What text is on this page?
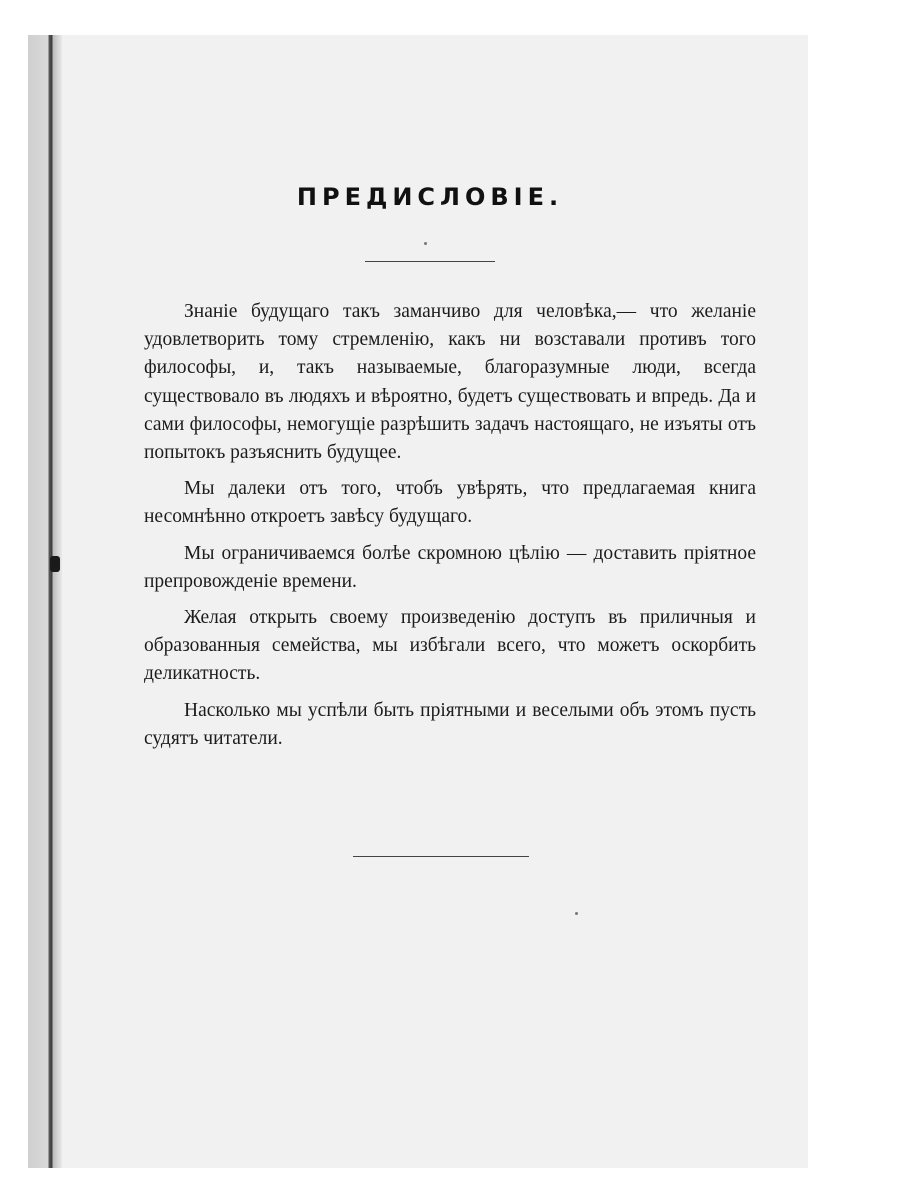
ПРЕДИСЛОВІЕ.

Знаніе будущаго такъ заманчиво для человѣка,— что желаніе удовлетворить тому стремленію, какъ ни возставали противъ того философы, и, такъ называемые, благоразумные люди, всегда существовало въ людяхъ и вѣроятно, будетъ существовать и впредь. Да и сами философы, немогущіе разрѣшить задачъ настоящаго, не изъяты отъ попытокъ разъяснить будущее.

Мы далеки отъ того, чтобъ увѣрять, что предлагаемая книга несомнѣнно откроетъ завѣсу будущаго.

Мы ограничиваемся болѣе скромною цѣлію — доставить пріятное препровожденіе времени.

Желая открыть своему произведенію доступъ въ приличныя и образованныя семейства, мы избѣгали всего, что можетъ оскорбить деликатность.

Насколько мы успѣли быть пріятными и веселыми объ этомъ пусть судятъ читатели.
